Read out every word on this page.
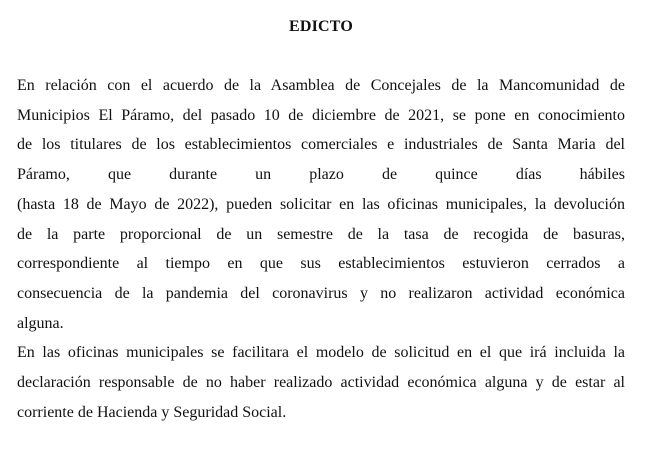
EDICTO

En relación con el acuerdo de la Asamblea de Concejales de la Mancomunidad de
Municipios El Páramo, del pasado 10 de diciembre de 2021, se pone en conocimiento
de los titulares de los establecimientos comerciales e industriales de Santa Maria del
Páramo, que durante un plazo de quince días hábiles
(hasta 18 de Mayo de 2022), pueden solicitar en las oficinas municipales, la devolución
de la parte proporcional de un semestre de la tasa de recogida de basuras,
correspondiente al tiempo en que sus establecimientos estuvieron cerrados a
consecuencia de la pandemia del coronavirus y no realizaron actividad económica
alguna.

En las oficinas municipales se facilitara el modelo de solicitud en el que irá incluida la
declaración responsable de no haber realizado actividad económica alguna y de estar al
corriente de Hacienda y Seguridad Social.
